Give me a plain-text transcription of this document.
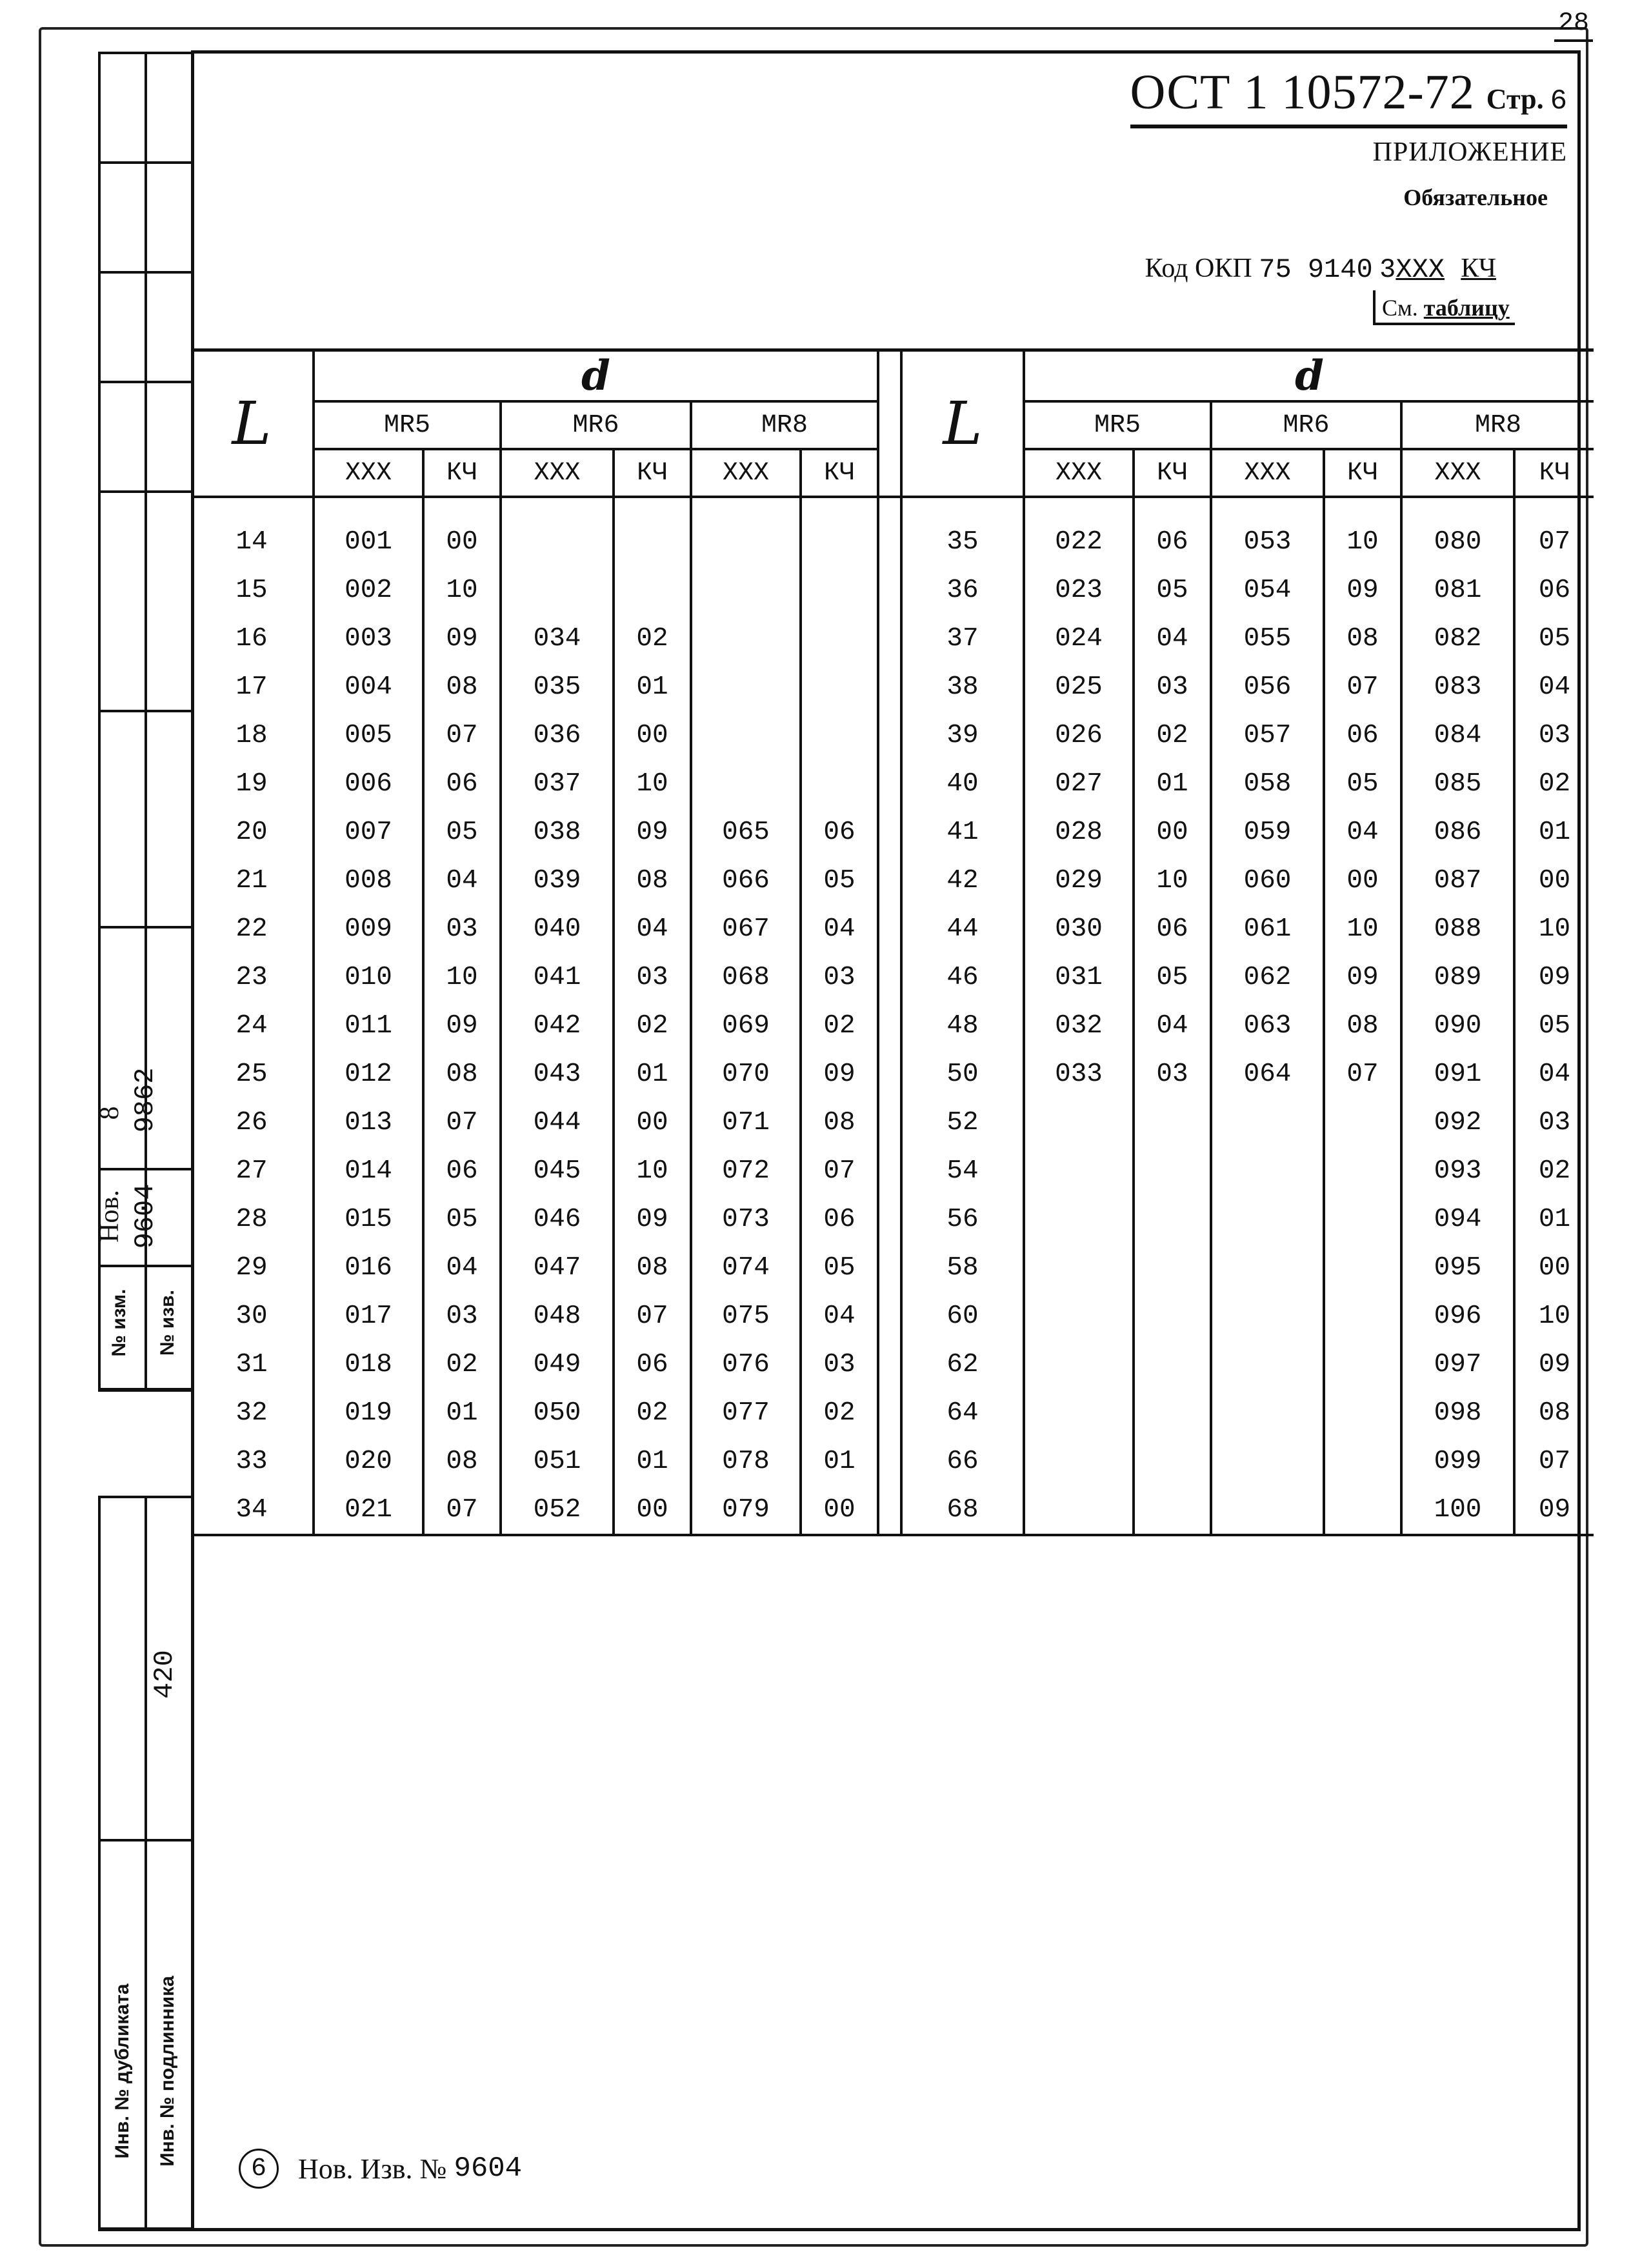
28
8 9862
Нов. 9604
№ изм. № изв.
420
Инв. № дубликата Инв. № подлинника
ОСТ 1 10572-72 Стр. 6
ПРИЛОЖЕНИЕ
Обязательное
Код ОКП
75 9140
3 XXX
КЧ
См. таблицу
L	d							L	d					
	MR5		MR6		MR8				MR5		MR6		MR8	
	XXX	КЧ	XXX	КЧ	XXX	КЧ			XXX	КЧ	XXX	КЧ	XXX	КЧ

14	001	00						35	022	06	053	10	080	07
15	002	10						36	023	05	054	09	081	06
16	003	09	034	02				37	024	04	055	08	082	05
17	004	08	035	01				38	025	03	056	07	083	04
18	005	07	036	00				39	026	02	057	06	084	03
19	006	06	037	10				40	027	01	058	05	085	02
20	007	05	038	09	065	06		41	028	00	059	04	086	01
21	008	04	039	08	066	05		42	029	10	060	00	087	00
22	009	03	040	04	067	04		44	030	06	061	10	088	10
23	010	10	041	03	068	03		46	031	05	062	09	089	09
24	011	09	042	02	069	02		48	032	04	063	08	090	05
25	012	08	043	01	070	09		50	033	03	064	07	091	04
26	013	07	044	00	071	08		52					092	03
27	014	06	045	10	072	07		54					093	02
28	015	05	046	09	073	06		56					094	01
29	016	04	047	08	074	05		58					095	00
30	017	03	048	07	075	04		60					096	10
31	018	02	049	06	076	03		62					097	09
32	019	01	050	02	077	02		64					098	08
33	020	08	051	01	078	01		66					099	07
34	021	07	052	00	079	00		68					100	09
6	Нов. Изв. №
9604
